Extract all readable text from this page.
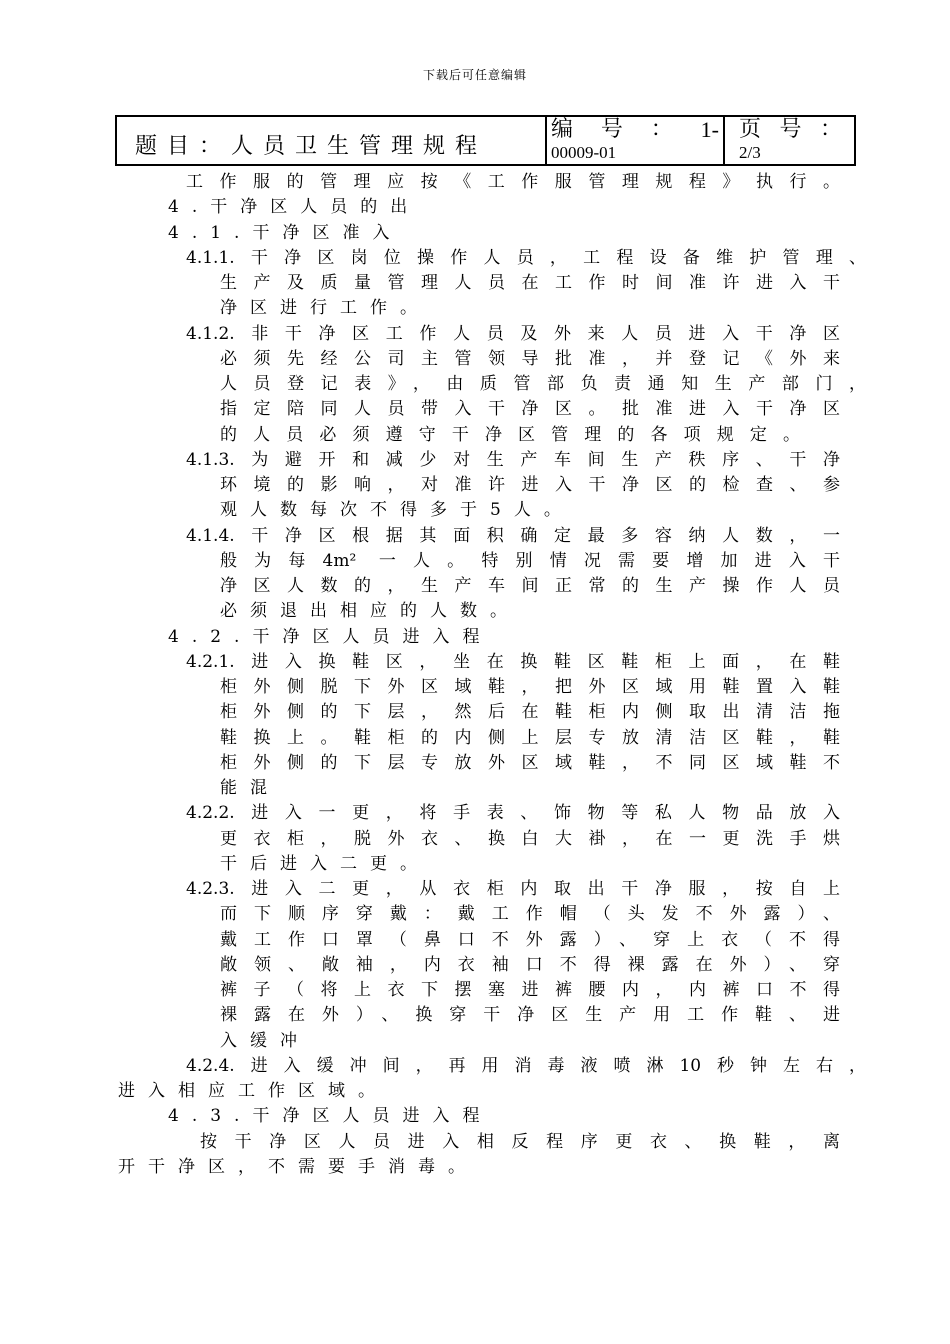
下载后可任意编辑
题目：人员卫生管理规程
编 号 ： 1-
00009-01
页 号 ：
2/3
工作服的管理应按《工作服管理规程》执行。
4.干净区人员的出
4.1.干净区准入
4.1.1.干净区岗位操作人员，工程设备维护管理、
生产及质量管理人员在工作时间准许进入干
净区进行工作。
4.1.2.非干净区工作人员及外来人员进入干净区
必须先经公司主管领导批准，并登记《外来
人员登记表》，由质管部负责通知生产部门，
指定陪同人员带入干净区。批准进入干净区
的人员必须遵守干净区管理的各项规定。
4.1.3.为避开和减少对生产车间生产秩序、干净
环境的影响，对准许进入干净区的检查、参
观人数每次不得多于5人。
4.1.4.干净区根据其面积确定最多容纳人数，一
般为每4m² 一人。特别情况需要增加进入干
净区人数的，生产车间正常的生产操作人员
必须退出相应的人数。
4.2.干净区人员进入程
4.2.1.进入换鞋区，坐在换鞋区鞋柜上面，在鞋
柜外侧脱下外区域鞋，把外区域用鞋置入鞋
柜外侧的下层，然后在鞋柜内侧取出清洁拖
鞋换上。鞋柜的内侧上层专放清洁区鞋，鞋
柜外侧的下层专放外区域鞋，不同区域鞋不
能混
4.2.2.进入一更，将手表、饰物等私人物品放入
更衣柜，脱外衣、换白大褂，在一更洗手烘
干后进入二更。
4.2.3.进入二更，从衣柜内取出干净服，按自上
而下顺序穿戴：戴工作帽（头发不外露）、
戴工作口罩（鼻口不外露）、穿上衣（不得
敞领、敞袖，内衣袖口不得裸露在外）、穿
裤子（将上衣下摆塞进裤腰内，内裤口不得
裸露在外）、换穿干净区生产用工作鞋、进
入缓冲
4.2.4.进入缓冲间，再用消毒液喷淋10秒钟左右，
进入相应工作区域。
4.3.干净区人员进入程
按干净区人员进入相反程序更衣、换鞋，离
开干净区，不需要手消毒。
